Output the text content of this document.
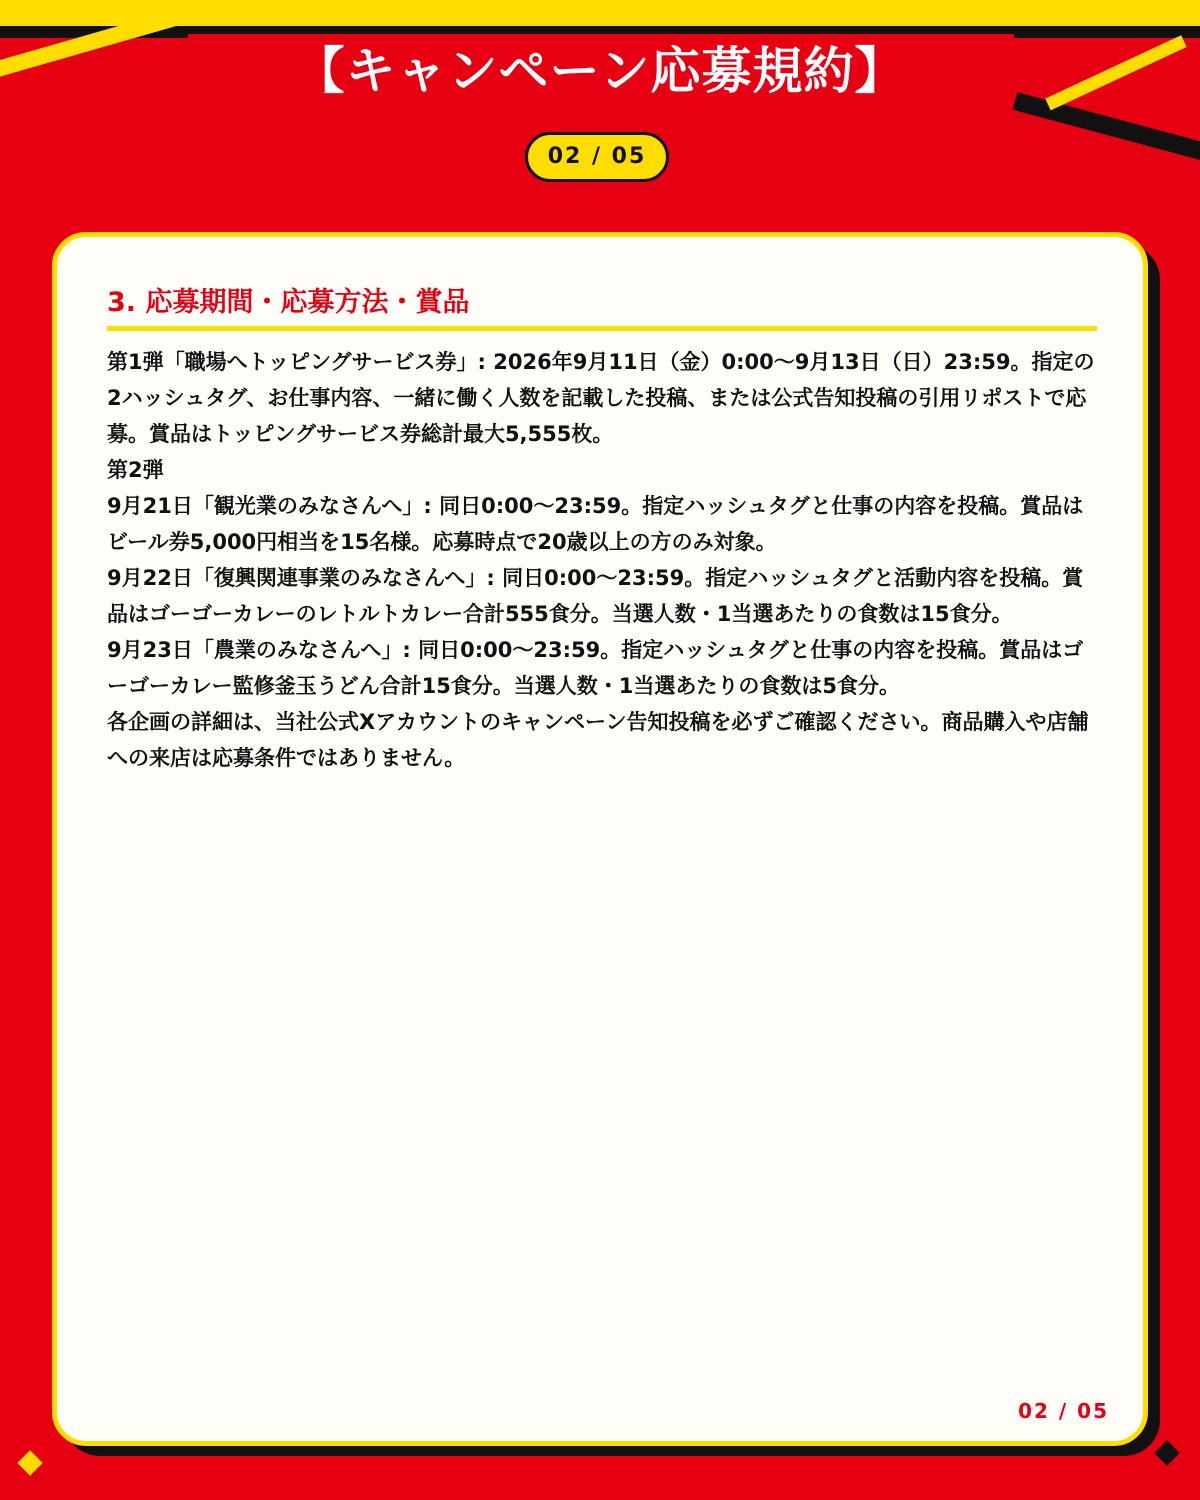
【キャンペーン応募規約】
02 / 05
3. 応募期間・応募方法・賞品

第1弾「職場へトッピングサービス券」: 2026年9月11日（金）0:00〜9月13日（日）23:59。指定の2ハッシュタグ、お仕事内容、一緒に働く人数を記載した投稿、または公式告知投稿の引用リポストで応募。賞品はトッピングサービス券総計最大5,555枚。

第2弾

9月21日「観光業のみなさんへ」: 同日0:00〜23:59。指定ハッシュタグと仕事の内容を投稿。賞品はビール券5,000円相当を15名様。応募時点で20歳以上の方のみ対象。

9月22日「復興関連事業のみなさんへ」: 同日0:00〜23:59。指定ハッシュタグと活動内容を投稿。賞品はゴーゴーカレーのレトルトカレー合計555食分。当選人数・1当選あたりの食数は15食分。

9月23日「農業のみなさんへ」: 同日0:00〜23:59。指定ハッシュタグと仕事の内容を投稿。賞品はゴーゴーカレー監修釜玉うどん合計15食分。当選人数・1当選あたりの食数は5食分。

各企画の詳細は、当社公式Xアカウントのキャンペーン告知投稿を必ずご確認ください。商品購入や店舗への来店は応募条件ではありません。

02 / 05
